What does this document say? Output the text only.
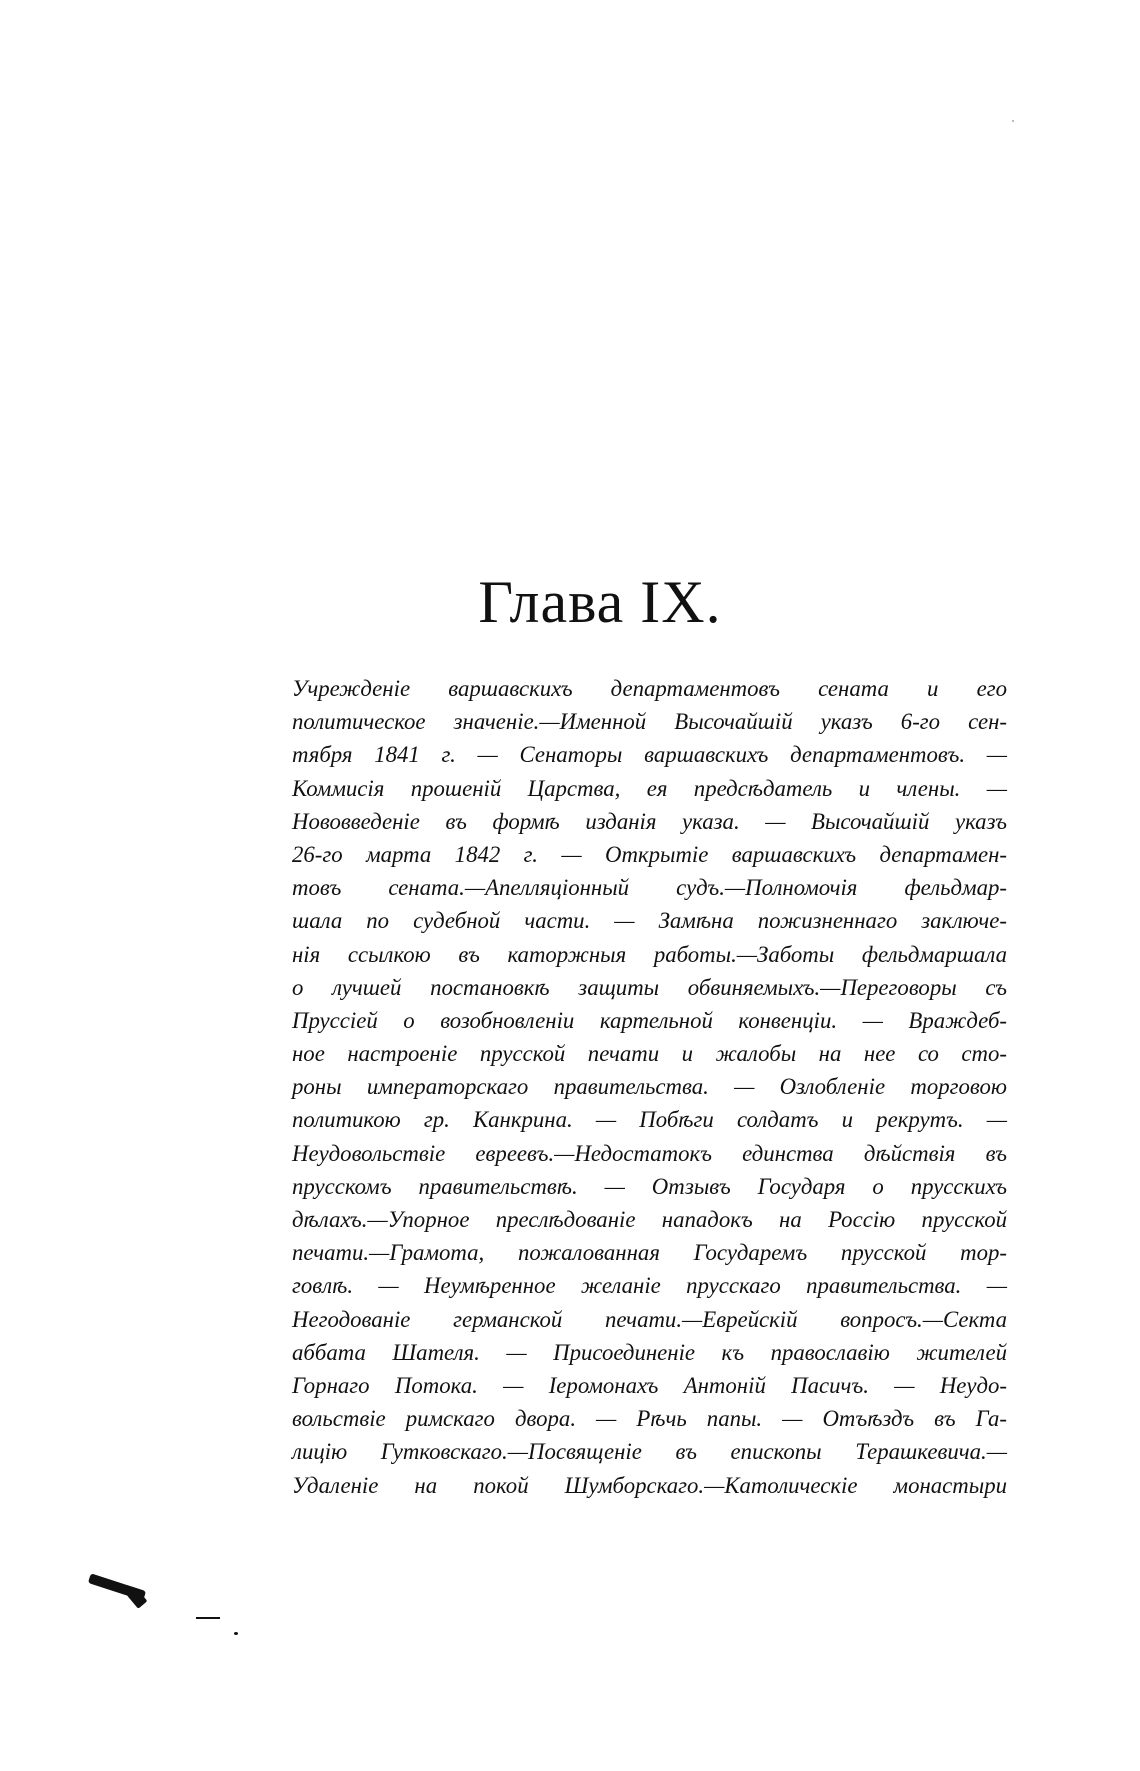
Глава IX.
Учрежденіе варшавскихъ департаментовъ сената и его
политическое значеніе.—Именной Высочайшій указъ 6-го сен-
тября 1841 г. — Сенаторы варшавскихъ департаментовъ. —
Коммисія прошеній Царства, ея предсѣдатель и члены. —
Нововведеніе въ формѣ изданія указа. — Высочайшій указъ
26-го марта 1842 г. — Открытіе варшавскихъ департамен-
товъ сената.—Апелляціонный судъ.—Полномочія фельдмар-
шала по судебной части. — Замѣна пожизненнаго заключе-
нія ссылкою въ каторжныя работы.—Заботы фельдмаршала
о лучшей постановкѣ защиты обвиняемыхъ.—Переговоры съ
Пруссіей о возобновленіи картельной конвенціи. — Враждеб-
ное настроеніе прусской печати и жалобы на нее со сто-
роны императорскаго правительства. — Озлобленіе торговою
политикою гр. Канкрина. — Побѣги солдатъ и рекрутъ. —
Неудовольствіе евреевъ.—Недостатокъ единства дѣйствія въ
прусскомъ правительствѣ. — Отзывъ Государя о прусскихъ
дѣлахъ.—Упорное преслѣдованіе нападокъ на Россію прусской
печати.—Грамота, пожалованная Государемъ прусской тор-
говлѣ. — Неумѣренное желаніе прусскаго правительства. —
Негодованіе германской печати.—Еврейскій вопросъ.—Секта
аббата Шателя. — Присоединеніе къ православію жителей
Горнаго Потока. — Іеромонахъ Антоній Пасичъ. — Неудо-
вольствіе римскаго двора. — Рѣчь папы. — Отъѣздъ въ Га-
лицію Гутковскаго.—Посвященіе въ епископы Терашкевича.—
Удаленіе на покой Шумборскаго.—Католическіе монастыри
